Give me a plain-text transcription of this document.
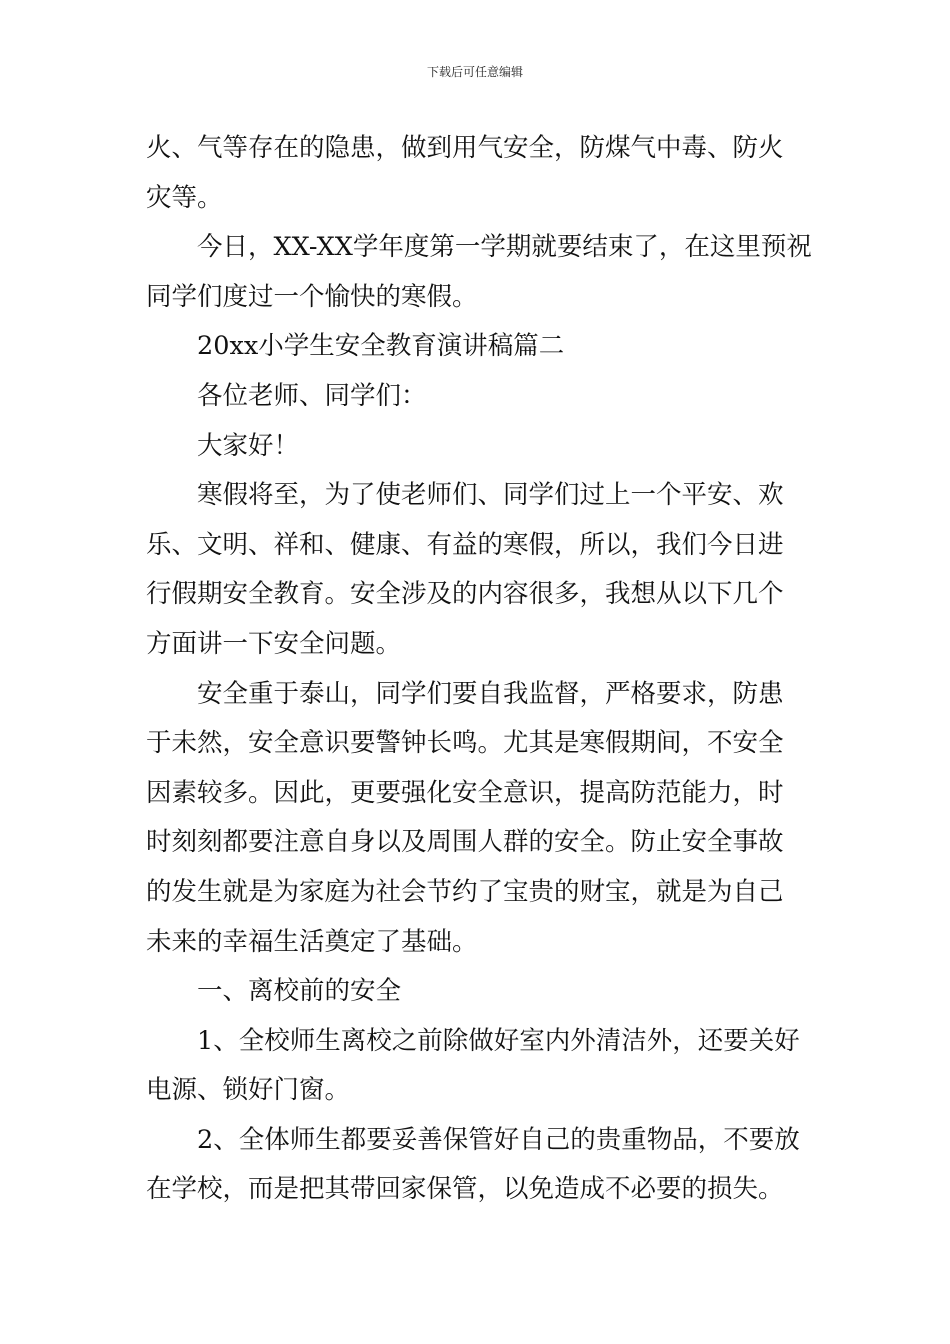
下载后可任意编辑
火、气等存在的隐患，做到用气安全，防煤气中毒、防火
灾等。
今日，XX-XX学年度第一学期就要结束了，在这里预祝
同学们度过一个愉快的寒假。
20xx小学生安全教育演讲稿篇二
各位老师、同学们：
大家好！
寒假将至，为了使老师们、同学们过上一个平安、欢
乐、文明、祥和、健康、有益的寒假，所以，我们今日进
行假期安全教育。安全涉及的内容很多，我想从以下几个
方面讲一下安全问题。
安全重于泰山，同学们要自我监督，严格要求，防患
于未然，安全意识要警钟长鸣。尤其是寒假期间，不安全
因素较多。因此，更要强化安全意识，提高防范能力，时
时刻刻都要注意自身以及周围人群的安全。防止安全事故
的发生就是为家庭为社会节约了宝贵的财宝，就是为自己
未来的幸福生活奠定了基础。
一、离校前的安全
1、全校师生离校之前除做好室内外清洁外，还要关好
电源、锁好门窗。
2、全体师生都要妥善保管好自己的贵重物品，不要放
在学校，而是把其带回家保管，以免造成不必要的损失。
